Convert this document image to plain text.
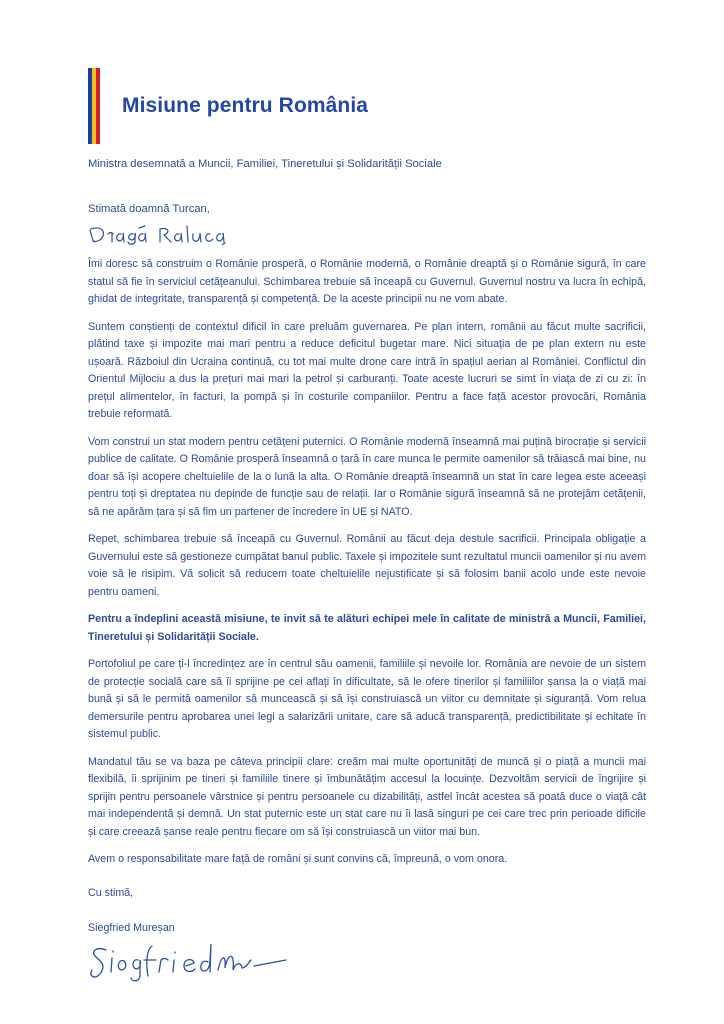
Misiune pentru România
Ministra desemnată a Muncii, Familiei, Tineretului și Solidarității Sociale
Stimată doamnă Turcan,

Îmi doresc să construim o Românie prosperă, o Românie modernă, o Românie dreaptă și o Românie sigură, în care statul să fie în serviciul cetățeanului. Schimbarea trebuie să înceapă cu Guvernul. Guvernul nostru va lucra în echipă, ghidat de integritate, transparență și competență. De la aceste principii nu ne vom abate.

Suntem conștienți de contextul dificil în care preluăm guvernarea. Pe plan intern, românii au făcut multe sacrificii, plătind taxe și impozite mai mari pentru a reduce deficitul bugetar mare. Nici situația de pe plan extern nu este ușoară. Războiul din Ucraina continuă, cu tot mai multe drone care intră în spațiul aerian al României. Conflictul din Orientul Mijlociu a dus la prețuri mai mari la petrol și carburanți. Toate aceste lucruri se simt în viața de zi cu zi: în prețul alimentelor, în facturi, la pompă și în costurile companiilor. Pentru a face față acestor provocări, România trebuie reformată.

Vom construi un stat modern pentru cetățeni puternici. O Românie modernă înseamnă mai puțină birocrație și servicii publice de calitate. O Românie prosperă înseamnă o țară în care munca le permite oamenilor să trăiască mai bine, nu doar să își acopere cheltuielile de la o lună la alta. O Românie dreaptă înseamnă un stat în care legea este aceeași pentru toți și dreptatea nu depinde de funcție sau de relații. Iar o Românie sigură înseamnă să ne protejăm cetățenii, să ne apărăm țara și să fim un partener de încredere în UE și NATO.

Repet, schimbarea trebuie să înceapă cu Guvernul. Românii au făcut deja destule sacrificii. Principala obligație a Guvernului este să gestioneze cumpătat banul public. Taxele și impozitele sunt rezultatul muncii oamenilor și nu avem voie să le risipim. Vă solicit să reducem toate cheltuielile nejustificate și să folosim banii acolo unde este nevoie pentru oameni.

Pentru a îndeplini această misiune, te invit să te alături echipei mele în calitate de ministră a Muncii, Familiei, Tineretului și Solidarității Sociale.

Portofoliul pe care ți-l încredințez are în centrul său oamenii, familiile și nevoile lor. România are nevoie de un sistem de protecție socială care să îi sprijine pe cei aflați în dificultate, să le ofere tinerilor și familiilor șansa la o viață mai bună și să le permită oamenilor să muncească și să își construiască un viitor cu demnitate și siguranță. Vom relua demersurile pentru aprobarea unei legi a salarizării unitare, care să aducă transparență, predictibilitate și echitate în sistemul public.

Mandatul tău se va baza pe câteva principii clare: creăm mai multe oportunități de muncă și o piață a muncii mai flexibilă, îi sprijinim pe tineri și familiile tinere și îmbunătățim accesul la locuințe. Dezvoltăm servicii de îngrijire și sprijin pentru persoanele vârstnice și pentru persoanele cu dizabilități, astfel încât acestea să poată duce o viață cât mai independentă și demnă. Un stat puternic este un stat care nu îi lasă singuri pe cei care trec prin perioade dificile și care creează șanse reale pentru fiecare om să își construiască un viitor mai bun.

Avem o responsabilitate mare față de români și sunt convins că, împreună, o vom onora.

Cu stimă,
Siegfried Mureșan
